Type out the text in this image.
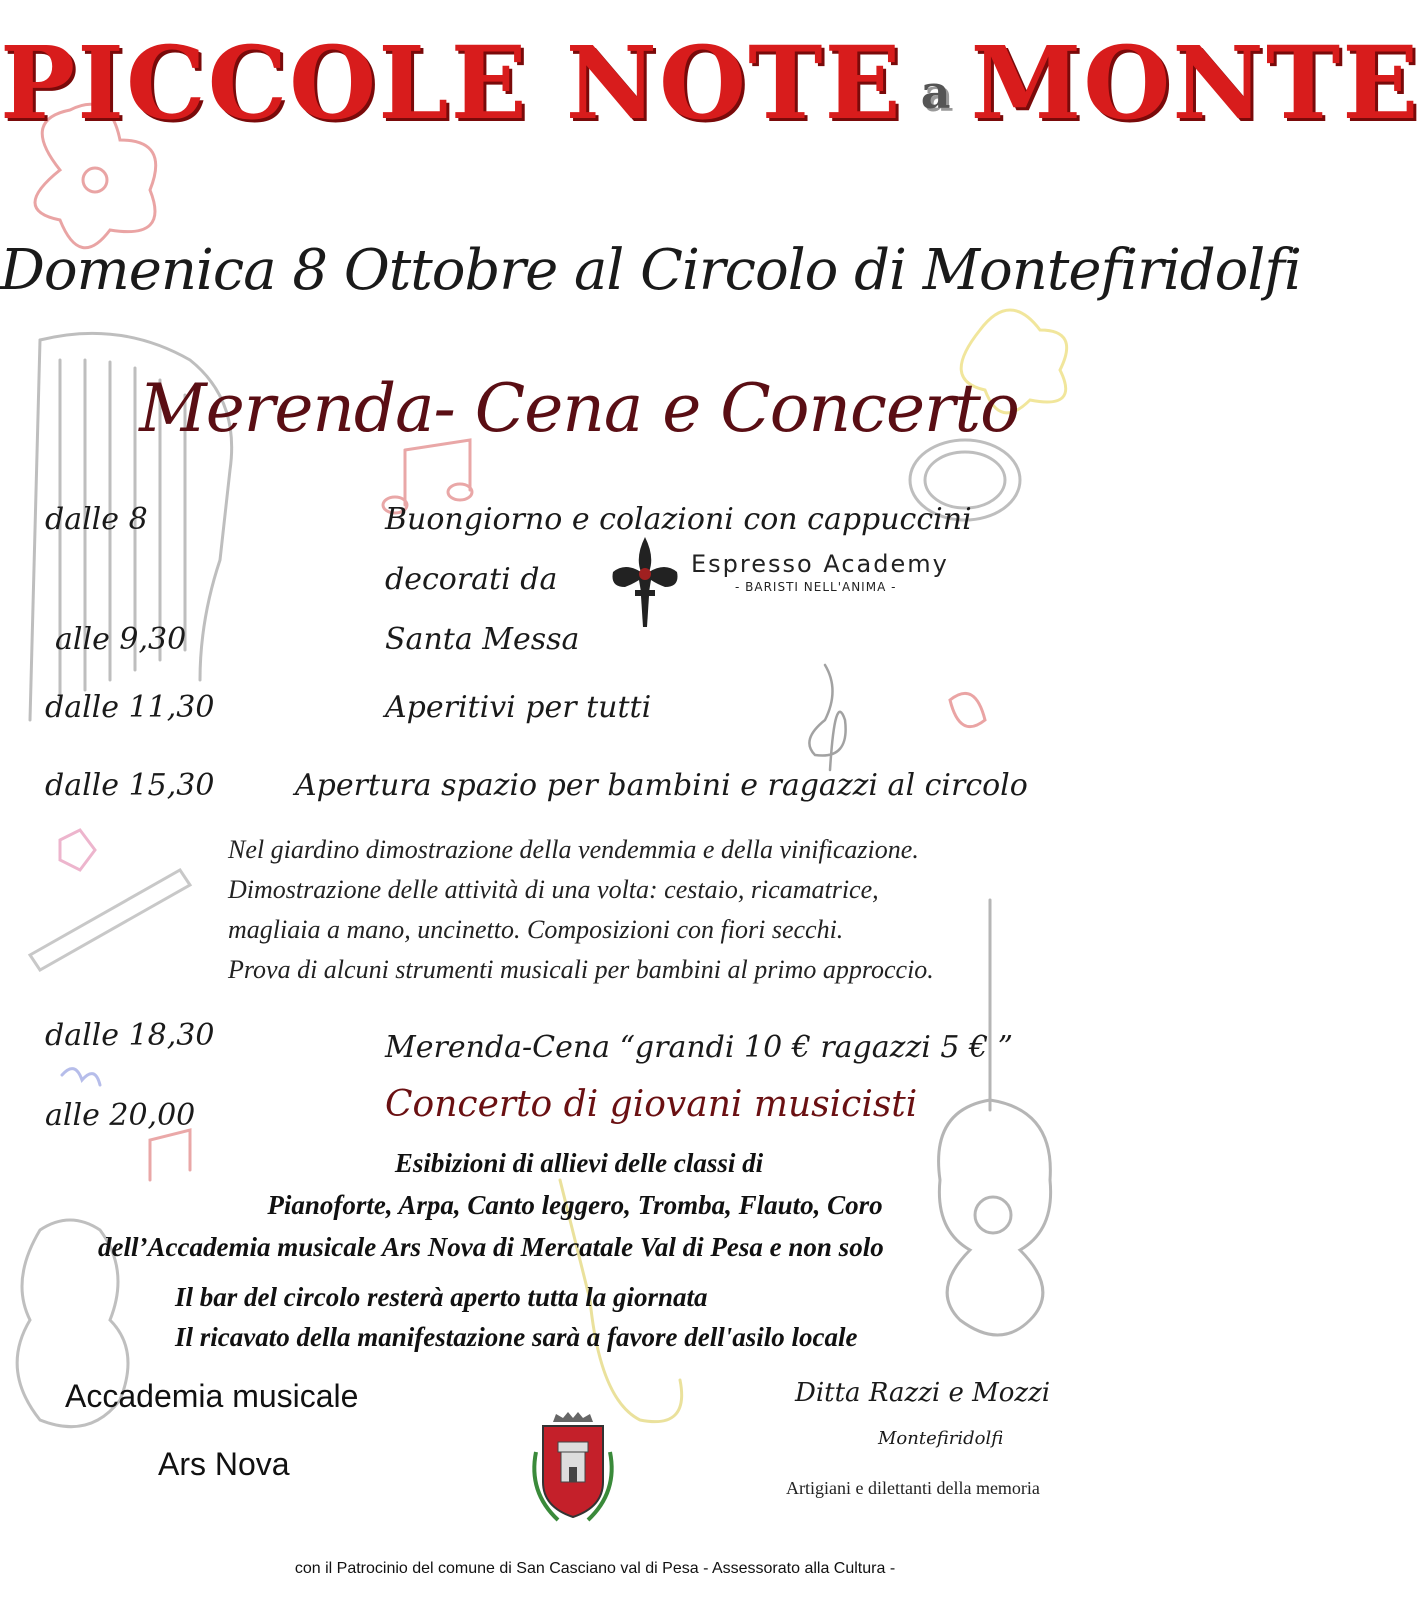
PICCOLE NOTE a MONTE
Domenica 8 Ottobre al Circolo di Montefiridolfi
Merenda- Cena e Concerto
dalle 8	Buongiorno e colazioni con cappuccini
decorati da	Espresso Academy
- BARISTI NELL'ANIMA -
alle 9,30	Santa Messa
dalle 11,30	Aperitivi per tutti
dalle 15,30	Apertura spazio per bambini e ragazzi al circolo
Nel giardino dimostrazione della vendemmia e della vinificazione.
Dimostrazione delle attività di una volta: cestaio, ricamatrice,
magliaia a mano, uncinetto. Composizioni con fiori secchi.
Prova di alcuni strumenti musicali per bambini al primo approccio.
dalle 18,30	Merenda-Cena “grandi 10 € ragazzi 5 € ”
alle 20,00	Concerto di giovani musicisti
Esibizioni di allievi delle classi di
Pianoforte, Arpa, Canto leggero, Tromba, Flauto, Coro
dell’Accademia musicale Ars Nova di Mercatale Val di Pesa e non solo
Il bar del circolo resterà aperto tutta la giornata
Il ricavato della manifestazione sarà a favore dell'asilo locale
Accademia musicale
Ars Nova
Ditta Razzi e Mozzi
Montefiridolfi
Artigiani e dilettanti della memoria
con il Patrocinio del comune di San Casciano val di Pesa - Assessorato alla Cultura -
